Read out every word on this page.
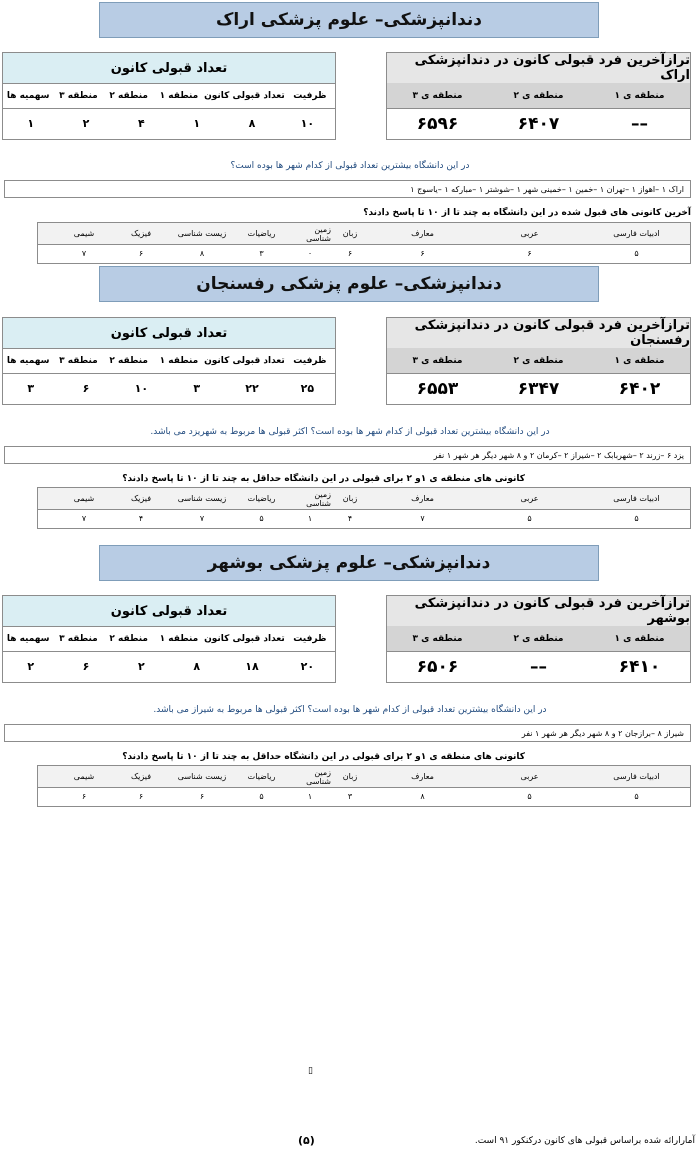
دندانپزشکی– علوم پزشکی اراک
تعداد قبولی کانون
ظرفیت
تعداد قبولی کانون
منطقه ۱
منطقه ۲
منطقه ۳
سهمیه ها
۱۰
۸
۱
۴
۲
۱
ترازآخرین فرد قبولی کانون در دندانپزشکی اراک
منطقه ی ۱
منطقه ی ۲
منطقه ی ۳
––
۶۴۰۷
۶۵۹۶
در این دانشگاه بیشترین تعداد قبولی از کدام شهر ها بوده است؟
اراک ۱ –اهواز ۱ –تهران ۱ –خمین ۱ –خمینی شهر ۱ –شوشتر ۱ –مبارکه ۱ –یاسوج ۱
آخرین کانونی های قبول شده در این دانشگاه به چند تا از ۱۰ تا پاسخ دادند؟
ادبیات فارسی
عربی
معارف
زبان
زمین شناسی
ریاضیات
زیست شناسی
فیزیک
شیمی
۵
۶
۶
۶
۰
۳
۸
۶
۷
دندانپزشکی– علوم پزشکی رفسنجان
تعداد قبولی کانون
ظرفیت
تعداد قبولی کانون
منطقه ۱
منطقه ۲
منطقه ۳
سهمیه ها
۲۵
۲۲
۳
۱۰
۶
۳
ترازآخرین فرد قبولی کانون در دندانپزشکی رفسنجان
منطقه ی ۱
منطقه ی ۲
منطقه ی ۳
۶۴۰۲
۶۳۴۷
۶۵۵۳
در این دانشگاه بیشترین تعداد قبولی از کدام شهر ها بوده است؟ اکثر قبولی ها مربوط به شهریزد می باشد.
یزد ۶ –زرند ۲ –شهربابک ۲ –شیراز ۲ –کرمان ۲ و ۸ شهر دیگر هر شهر ۱ نفر
کانونی های منطقه ی ۱و ۲ برای قبولی در این دانشگاه حداقل به چند تا از ۱۰ تا پاسخ دادند؟
ادبیات فارسی
عربی
معارف
زبان
زمین شناسی
ریاضیات
زیست شناسی
فیزیک
شیمی
۵
۵
۷
۴
۱
۵
۷
۴
۷
دندانپزشکی– علوم پزشکی بوشهر
تعداد قبولی کانون
ظرفیت
تعداد قبولی کانون
منطقه ۱
منطقه ۲
منطقه ۳
سهمیه ها
۲۰
۱۸
۸
۲
۶
۲
ترازآخرین فرد قبولی کانون در دندانپزشکی بوشهر
منطقه ی ۱
منطقه ی ۲
منطقه ی ۳
۶۴۱۰
––
۶۵۰۶
در این دانشگاه بیشترین تعداد قبولی از کدام شهر ها بوده است؟ اکثر قبولی ها مربوط به شیراز می باشد.
شیراز ۸ –برازجان ۲ و ۸ شهر دیگر هر شهر ۱ نفر
کانونی های منطقه ی ۱و ۲ برای قبولی در این دانشگاه حداقل به چند تا از ۱۰ تا پاسخ دادند؟
ادبیات فارسی
عربی
معارف
زبان
زمین شناسی
ریاضیات
زیست شناسی
فیزیک
شیمی
۵
۵
۸
۳
۱
۵
۶
۶
۶
▯
(۵)	آمارارائه شده براساس قبولی های کانون درکنکور ۹۱ است.
